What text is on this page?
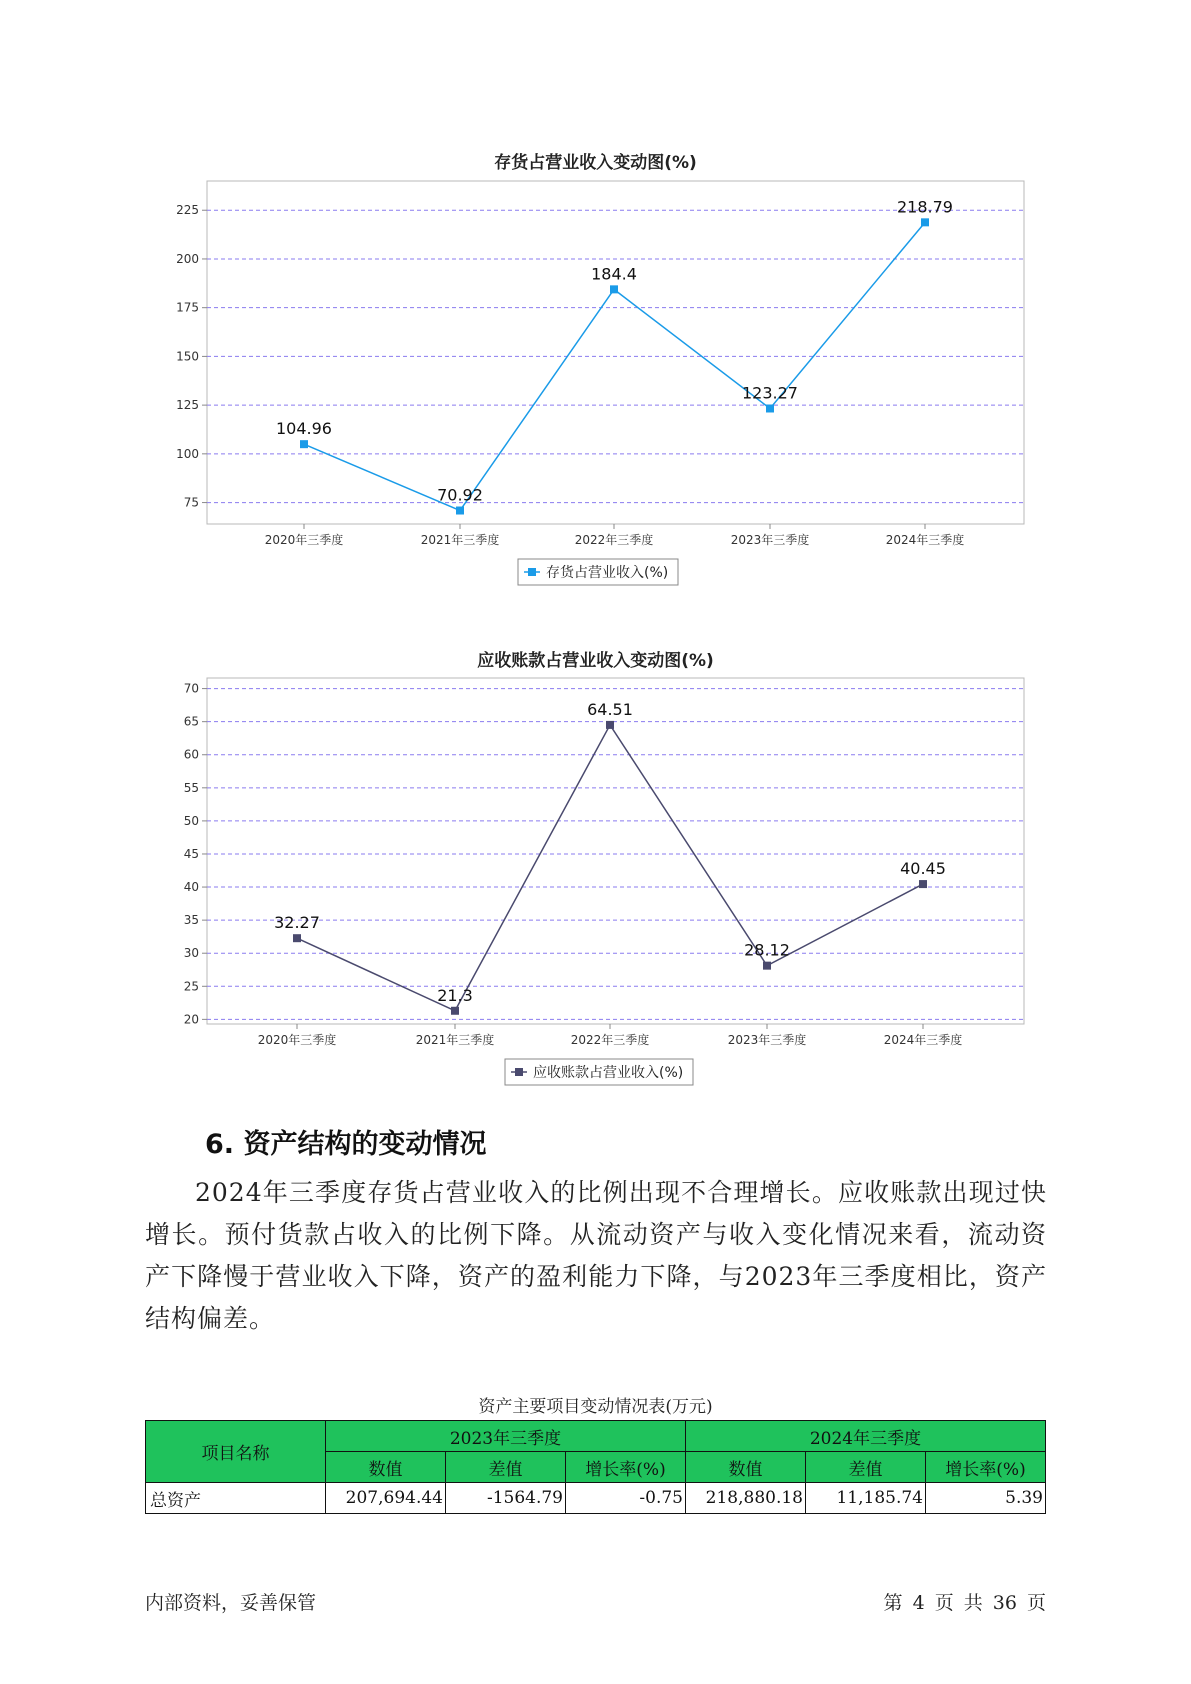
存货占营业收入变动图(%)
75
100
125
150
175
200
225
2020年三季度	2021年三季度	2022年三季度	2023年三季度	2024年三季度
104.96
70.92
184.4
123.27
218.79
存货占营业收入(%)
应收账款占营业收入变动图(%)
20
25
30
35
40
45
50
55
60
65
70
2020年三季度	2021年三季度	2022年三季度	2023年三季度	2024年三季度
32.27
21.3
64.51
28.12
40.45
应收账款占营业收入(%)
6. 资产结构的变动情况

2024年三季度存货占营业收入的比例出现不合理增长。应收账款出现过快增长。预付货款占收入的比例下降。从流动资产与收入变化情况来看，流动资产下降慢于营业收入下降，资产的盈利能力下降，与2023年三季度相比，资产结构偏差。

资产主要项目变动情况表(万元)
项目名称	2023年三季度			2024年三季度		
	数值	差值	增长率(%)	数值	差值	增长率(%)
总资产	207,694.44	-1564.79	-0.75	218,880.18	11,185.74	5.39
内部资料，妥善保管	第 4 页 共 36 页
